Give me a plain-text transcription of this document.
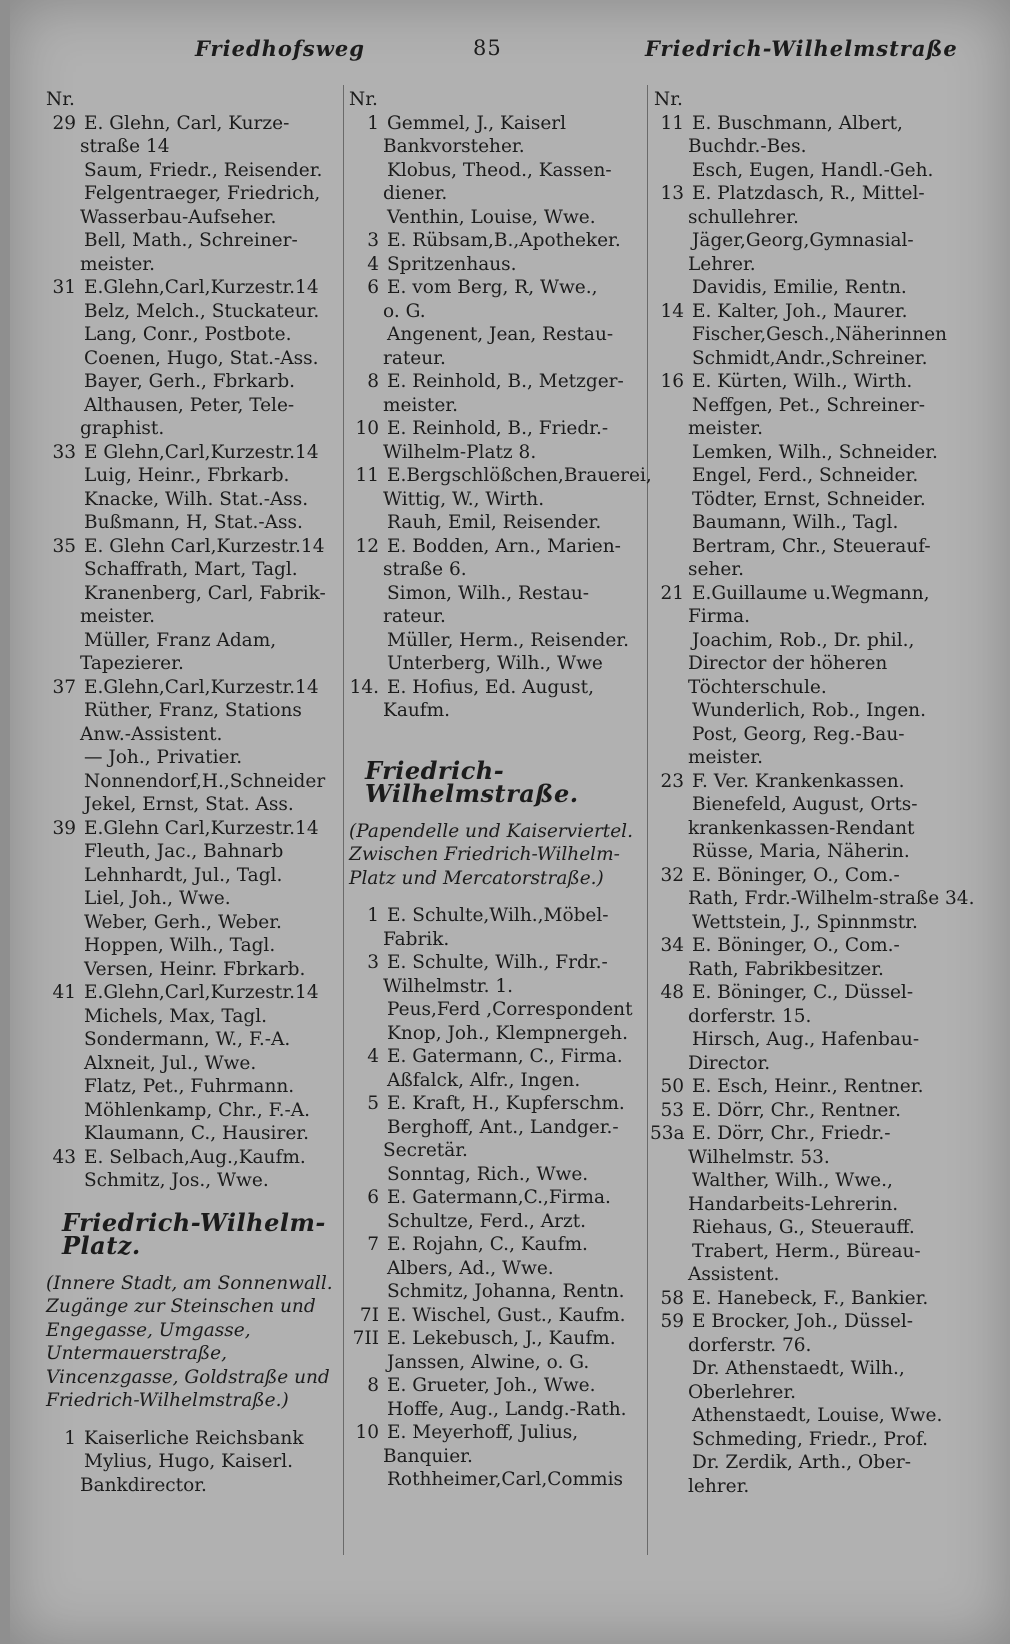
Friedhofsweg	85	Friedrich-Wilhelmstraße
Nr.
29 E. Glehn, Carl, Kurze-
straße 14
Saum, Friedr., Reisender.
Felgentraeger, Friedrich,
Wasserbau-Aufseher.
Bell, Math., Schreiner-
meister.
31 E.Glehn,Carl,Kurzestr.14
Belz, Melch., Stuckateur.
Lang, Conr., Postbote.
Coenen, Hugo, Stat.-Ass.
Bayer, Gerh., Fbrkarb.
Althausen, Peter, Tele-
graphist.
33 E Glehn,Carl,Kurzestr.14
Luig, Heinr., Fbrkarb.
Knacke, Wilh. Stat.-Ass.
Bußmann, H, Stat.-Ass.
35 E. Glehn Carl,Kurzestr.14
Schaffrath, Mart, Tagl.
Kranenberg, Carl, Fabrik-
meister.
Müller, Franz Adam,
Tapezierer.
37 E.Glehn,Carl,Kurzestr.14
Rüther, Franz, Stations
Anw.-Assistent.
— Joh., Privatier.
Nonnendorf,H.,Schneider
Jekel, Ernst, Stat. Ass.
39 E.Glehn Carl,Kurzestr.14
Fleuth, Jac., Bahnarb
Lehnhardt, Jul., Tagl.
Liel, Joh., Wwe.
Weber, Gerh., Weber.
Hoppen, Wilh., Tagl.
Versen, Heinr. Fbrkarb.
41 E.Glehn,Carl,Kurzestr.14
Michels, Max, Tagl.
Sondermann, W., F.-A.
Alxneit, Jul., Wwe.
Flatz, Pet., Fuhrmann.
Möhlenkamp, Chr., F.-A.
Klaumann, C., Hausirer.
43 E. Selbach,Aug.,Kaufm.
Schmitz, Jos., Wwe.
Friedrich-Wilhelm-Platz.
(Innere Stadt, am Sonnenwall. Zugänge zur Steinschen und Engegasse, Umgasse, Untermauerstraße, Vincenzgasse, Goldstraße und Friedrich-Wilhelmstraße.)
1 Kaiserliche Reichsbank
Mylius, Hugo, Kaiserl.
Bankdirector.
Nr.
1 Gemmel, J., Kaiserl
Bankvorsteher.
Klobus, Theod., Kassen-
diener.
Venthin, Louise, Wwe.
3 E. Rübsam,B.,Apotheker.
4 Spritzenhaus.
6 E. vom Berg, R, Wwe.,
o. G.
Angenent, Jean, Restau-
rateur.
8 E. Reinhold, B., Metzger-
meister.
10 E. Reinhold, B., Friedr.-
Wilhelm-Platz 8.
11 E.Bergschlößchen,Brauerei,
Wittig, W., Wirth.
Rauh, Emil, Reisender.
12 E. Bodden, Arn., Marien-
straße 6.
Simon, Wilh., Restau-
rateur.
Müller, Herm., Reisender.
Unterberg, Wilh., Wwe
14. E. Hofius, Ed. August,
Kaufm.
Friedrich-Wilhelmstraße.
(Papendelle und Kaiserviertel. Zwischen Friedrich-Wilhelm-Platz und Mercatorstraße.)
1 E. Schulte,Wilh.,Möbel-
Fabrik.
3 E. Schulte, Wilh., Frdr.-
Wilhelmstr. 1.
Peus,Ferd ,Correspondent
Knop, Joh., Klempnergeh.
4 E. Gatermann, C., Firma.
Aßfalck, Alfr., Ingen.
5 E. Kraft, H., Kupferschm.
Berghoff, Ant., Landger.-
Secretär.
Sonntag, Rich., Wwe.
6 E. Gatermann,C.,Firma.
Schultze, Ferd., Arzt.
7 E. Rojahn, C., Kaufm.
Albers, Ad., Wwe.
Schmitz, Johanna, Rentn.
7I E. Wischel, Gust., Kaufm.
7II E. Lekebusch, J., Kaufm.
Janssen, Alwine, o. G.
8 E. Grueter, Joh., Wwe.
Hoffe, Aug., Landg.-Rath.
10 E. Meyerhoff, Julius,
Banquier.
Rothheimer,Carl,Commis
Nr.
11 E. Buschmann, Albert,
Buchdr.-Bes.
Esch, Eugen, Handl.-Geh.
13 E. Platzdasch, R., Mittel-
schullehrer.
Jäger,Georg,Gymnasial-
Lehrer.
Davidis, Emilie, Rentn.
14 E. Kalter, Joh., Maurer.
Fischer,Gesch.,Näherinnen
Schmidt,Andr.,Schreiner.
16 E. Kürten, Wilh., Wirth.
Neffgen, Pet., Schreiner-
meister.
Lemken, Wilh., Schneider.
Engel, Ferd., Schneider.
Tödter, Ernst, Schneider.
Baumann, Wilh., Tagl.
Bertram, Chr., Steuerauf-
seher.
21 E.Guillaume u.Wegmann,
Firma.
Joachim, Rob., Dr. phil.,
Director der höheren Töchterschule.
Wunderlich, Rob., Ingen.
Post, Georg, Reg.-Bau-
meister.
23 F. Ver. Krankenkassen.
Bienefeld, August, Orts-
krankenkassen-Rendant
Rüsse, Maria, Näherin.
32 E. Böninger, O., Com.-
Rath, Frdr.-Wilhelm-straße 34.
Wettstein, J., Spinnmstr.
34 E. Böninger, O., Com.-
Rath, Fabrikbesitzer.
48 E. Böninger, C., Düssel-
dorferstr. 15.
Hirsch, Aug., Hafenbau-
Director.
50 E. Esch, Heinr., Rentner.
53 E. Dörr, Chr., Rentner.
53a E. Dörr, Chr., Friedr.-
Wilhelmstr. 53.
Walther, Wilh., Wwe.,
Handarbeits-Lehrerin.
Riehaus, G., Steuerauff.
Trabert, Herm., Büreau-
Assistent.
58 E. Hanebeck, F., Bankier.
59 E Brocker, Joh., Düssel-
dorferstr. 76.
Dr. Athenstaedt, Wilh.,
Oberlehrer.
Athenstaedt, Louise, Wwe.
Schmeding, Friedr., Prof.
Dr. Zerdik, Arth., Ober-
lehrer.
